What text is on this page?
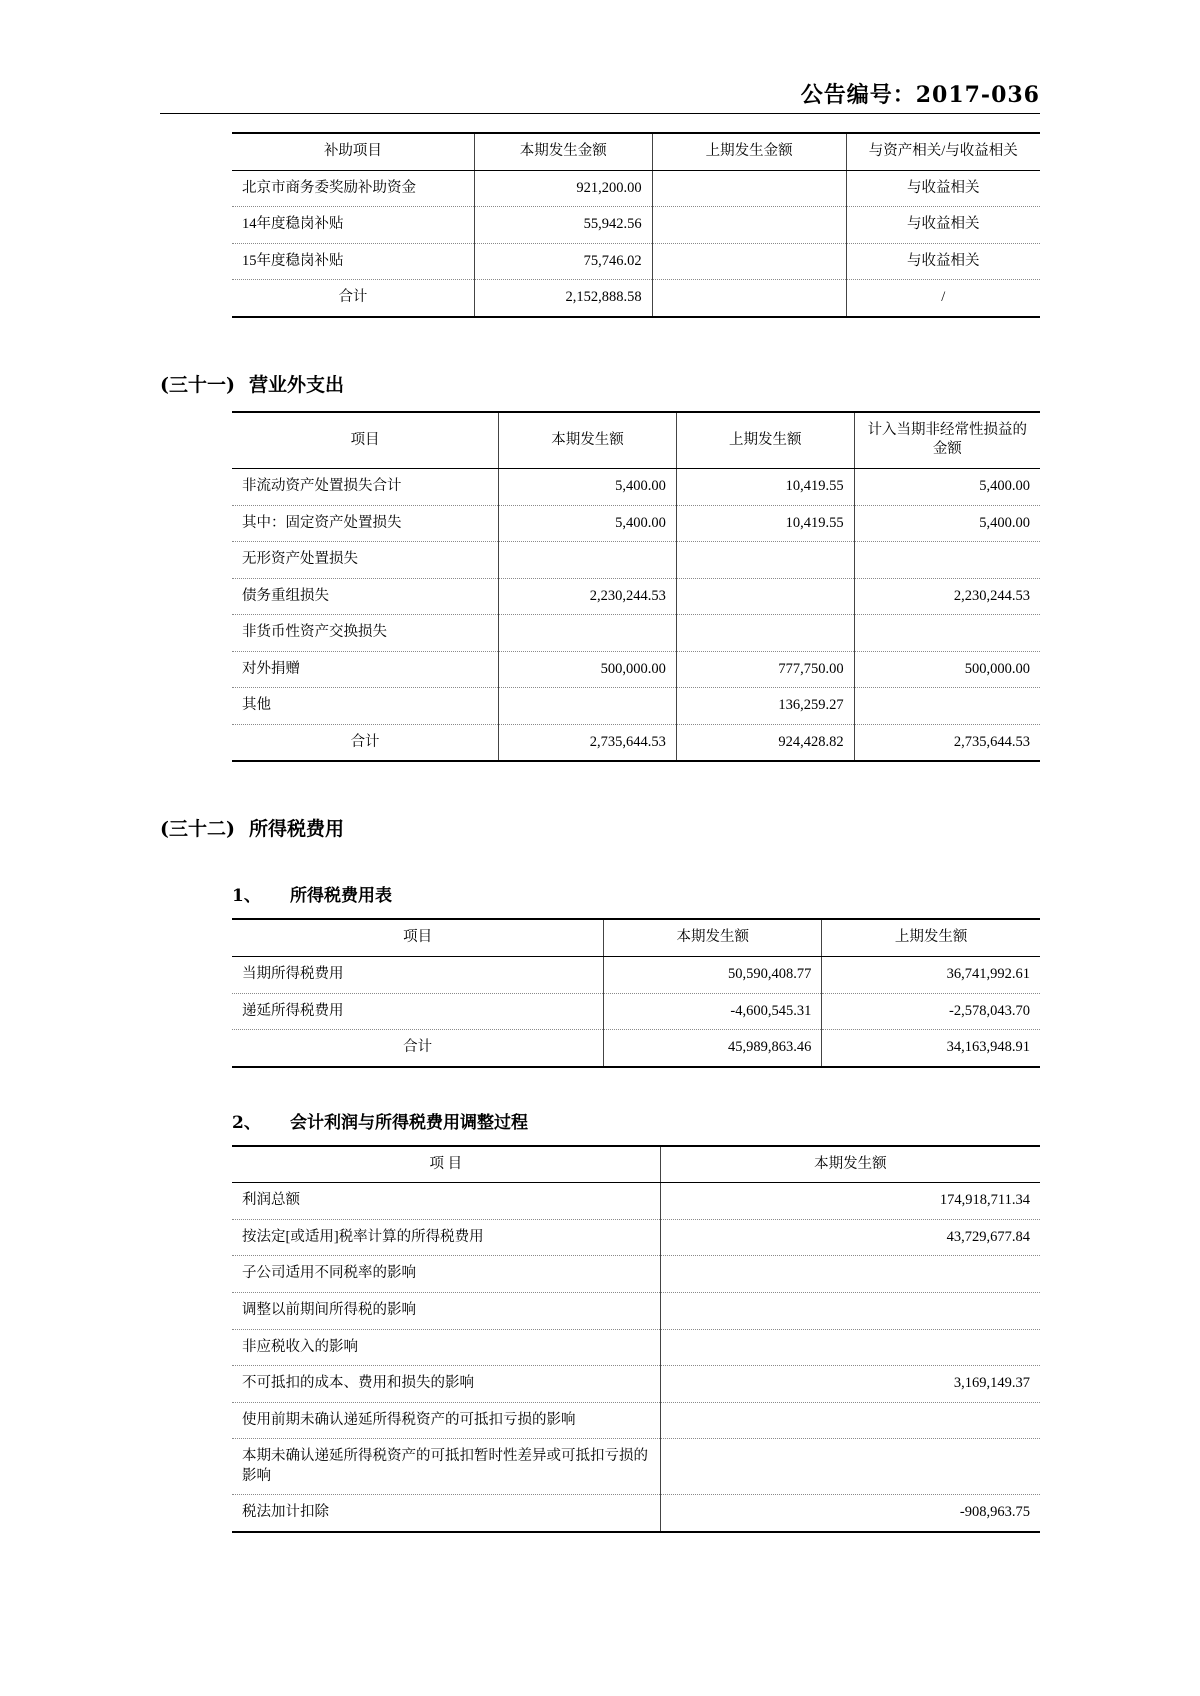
公告编号：2017-036
补助项目	本期发生金额	上期发生金额	与资产相关/与收益相关
北京市商务委奖励补助资金	921,200.00		与收益相关
14年度稳岗补贴	55,942.56		与收益相关
15年度稳岗补贴	75,746.02		与收益相关
合计	2,152,888.58		/
(三十一) 营业外支出
项目	本期发生额	上期发生额	计入当期非经常性损益的金额
非流动资产处置损失合计	5,400.00	10,419.55	5,400.00
其中：固定资产处置损失	5,400.00	10,419.55	5,400.00
无形资产处置损失			
债务重组损失	2,230,244.53		2,230,244.53
非货币性资产交换损失			
对外捐赠	500,000.00	777,750.00	500,000.00
其他		136,259.27	
合计	2,735,644.53	924,428.82	2,735,644.53
(三十二) 所得税费用
1、 所得税费用表
项目	本期发生额	上期发生额
当期所得税费用	50,590,408.77	36,741,992.61
递延所得税费用	-4,600,545.31	-2,578,043.70
合计	45,989,863.46	34,163,948.91
2、 会计利润与所得税费用调整过程
项 目	本期发生额
利润总额	174,918,711.34
按法定[或适用]税率计算的所得税费用	43,729,677.84
子公司适用不同税率的影响	
调整以前期间所得税的影响	
非应税收入的影响	
不可抵扣的成本、费用和损失的影响	3,169,149.37
使用前期未确认递延所得税资产的可抵扣亏损的影响	
本期未确认递延所得税资产的可抵扣暂时性差异或可抵扣亏损的影响	
税法加计扣除	-908,963.75
